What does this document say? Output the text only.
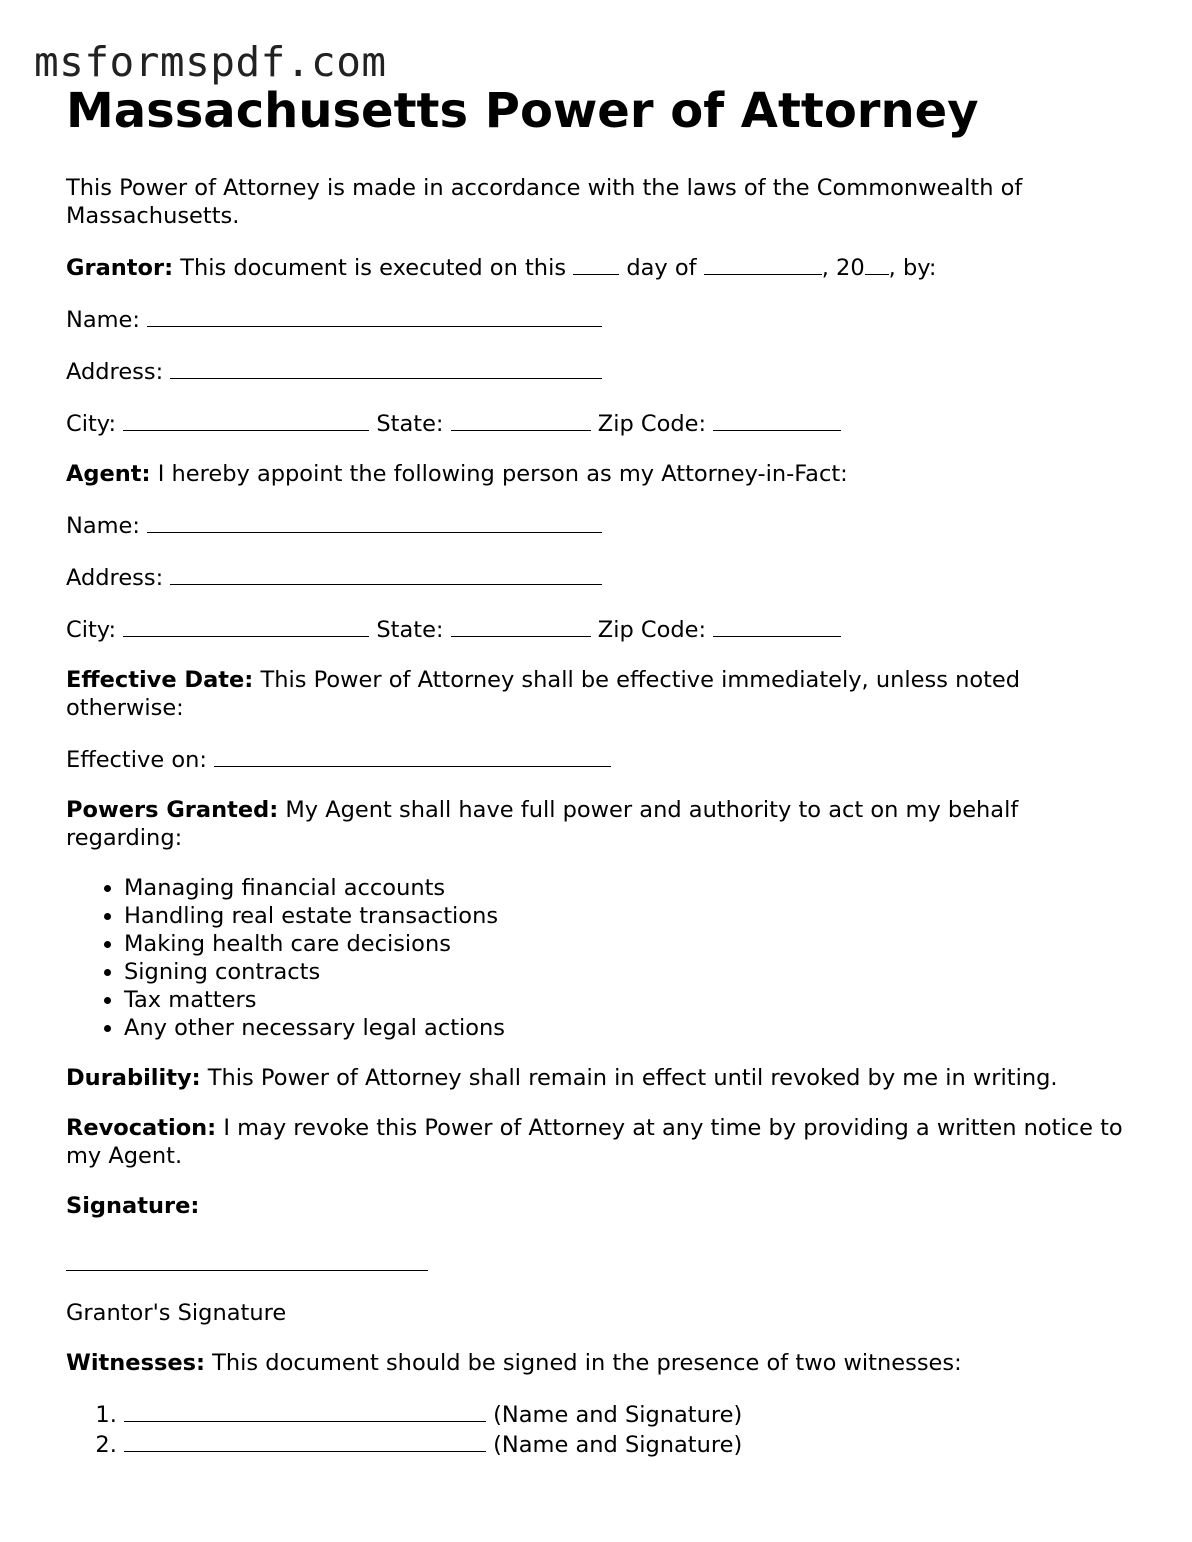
msformspdf.com
Massachusetts Power of Attorney

This Power of Attorney is made in accordance with the laws of the Commonwealth of Massachusetts.

Grantor: This document is executed on this  day of	, 20 , by:

Name:

Address:

City:	State:	Zip Code:

Agent: I hereby appoint the following person as my Attorney-in-Fact:

Name:

Address:

City:	State:	Zip Code:

Effective Date: This Power of Attorney shall be effective immediately, unless noted otherwise:

Effective on:

Powers Granted: My Agent shall have full power and authority to act on my behalf regarding:

• Managing financial accounts
• Handling real estate transactions
• Making health care decisions
• Signing contracts
• Tax matters
• Any other necessary legal actions

Durability: This Power of Attorney shall remain in effect until revoked by me in writing.

Revocation: I may revoke this Power of Attorney at any time by providing a written notice to my Agent.

Signature:

Grantor's Signature

Witnesses: This document should be signed in the presence of two witnesses:

1. (Name and Signature)
2. (Name and Signature)
